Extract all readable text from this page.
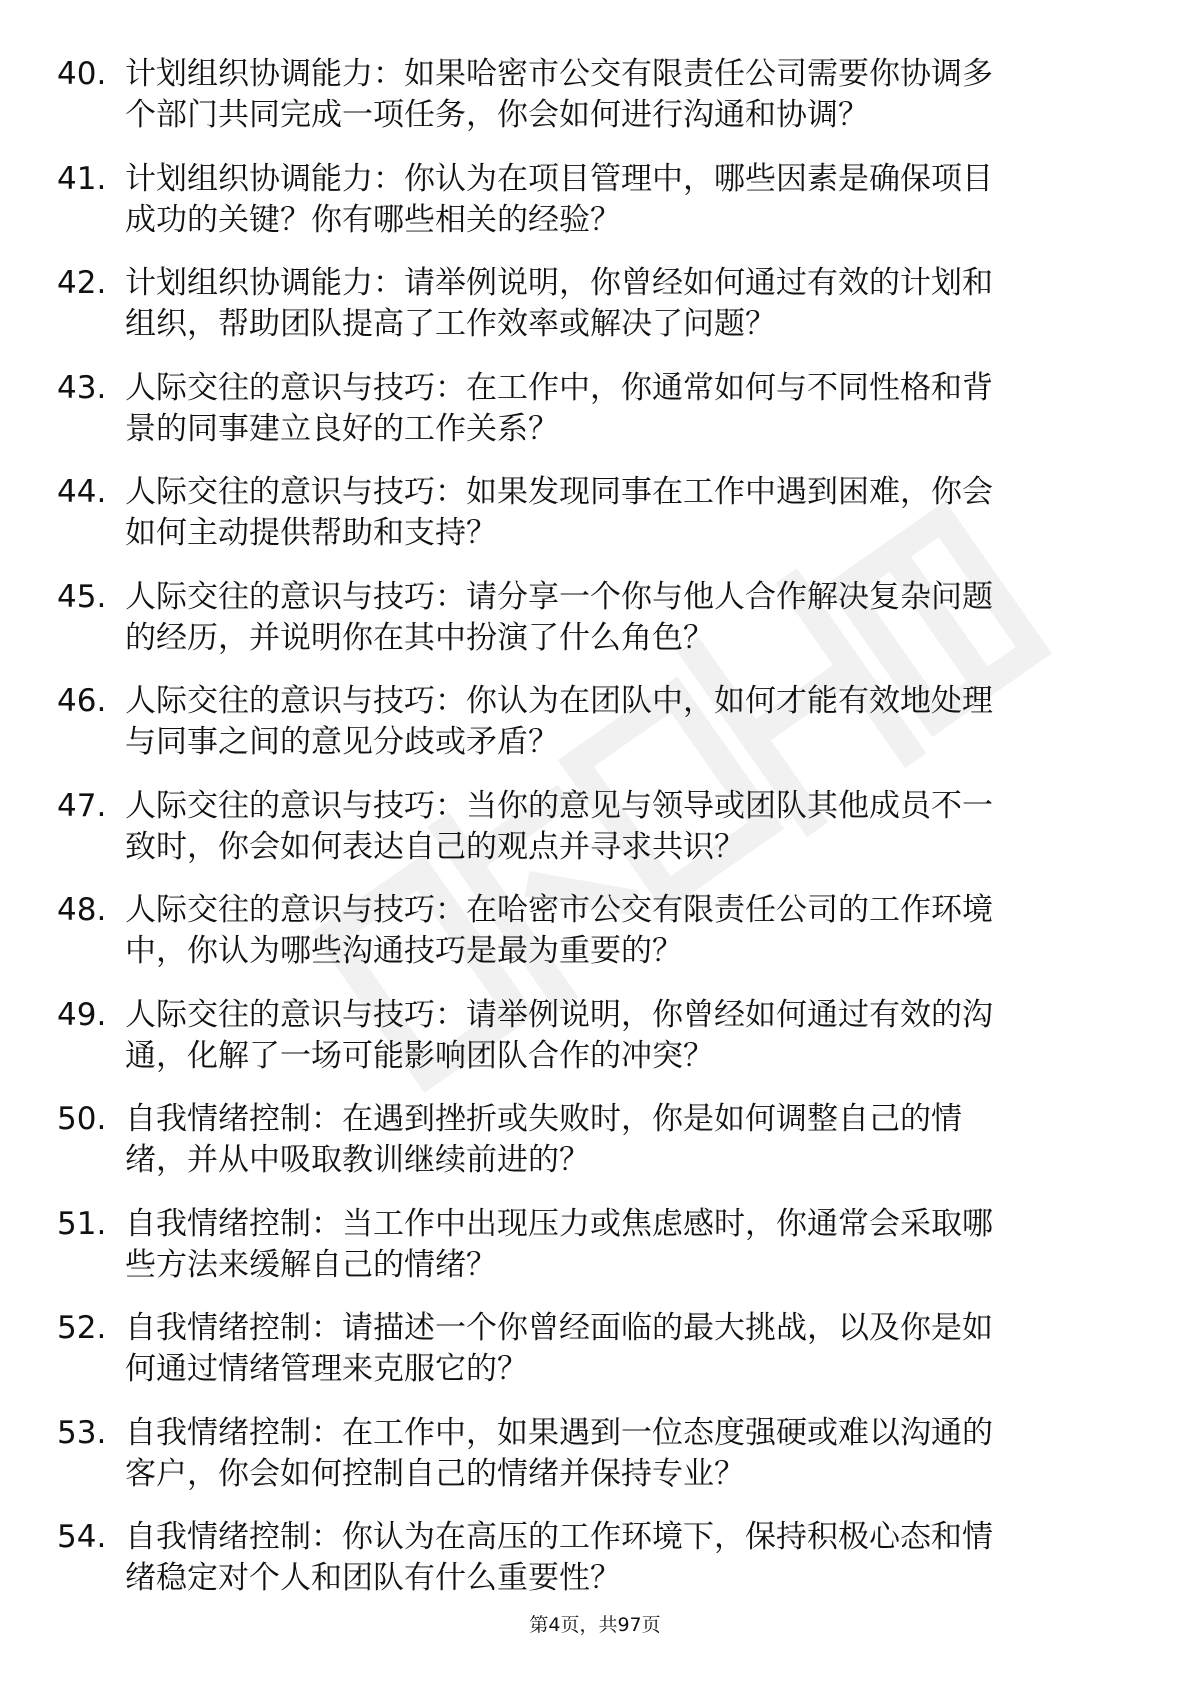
40. 计划组织协调能力：如果哈密市公交有限责任公司需要你协调多
个部门共同完成一项任务，你会如何进行沟通和协调？
41. 计划组织协调能力：你认为在项目管理中，哪些因素是确保项目
成功的关键？你有哪些相关的经验？
42. 计划组织协调能力：请举例说明，你曾经如何通过有效的计划和
组织，帮助团队提高了工作效率或解决了问题？
43. 人际交往的意识与技巧：在工作中，你通常如何与不同性格和背
景的同事建立良好的工作关系？
44. 人际交往的意识与技巧：如果发现同事在工作中遇到困难，你会
如何主动提供帮助和支持？
45. 人际交往的意识与技巧：请分享一个你与他人合作解决复杂问题
的经历，并说明你在其中扮演了什么角色？
46. 人际交往的意识与技巧：你认为在团队中，如何才能有效地处理
与同事之间的意见分歧或矛盾？
47. 人际交往的意识与技巧：当你的意见与领导或团队其他成员不一
致时，你会如何表达自己的观点并寻求共识？
48. 人际交往的意识与技巧：在哈密市公交有限责任公司的工作环境
中，你认为哪些沟通技巧是最为重要的？
49. 人际交往的意识与技巧：请举例说明，你曾经如何通过有效的沟
通，化解了一场可能影响团队合作的冲突？
50. 自我情绪控制：在遇到挫折或失败时，你是如何调整自己的情
绪，并从中吸取教训继续前进的？
51. 自我情绪控制：当工作中出现压力或焦虑感时，你通常会采取哪
些方法来缓解自己的情绪？
52. 自我情绪控制：请描述一个你曾经面临的最大挑战，以及你是如
何通过情绪管理来克服它的？
53. 自我情绪控制：在工作中，如果遇到一位态度强硬或难以沟通的
客户，你会如何控制自己的情绪并保持专业？
54. 自我情绪控制：你认为在高压的工作环境下，保持积极心态和情
绪稳定对个人和团队有什么重要性？
第4页，共97页
